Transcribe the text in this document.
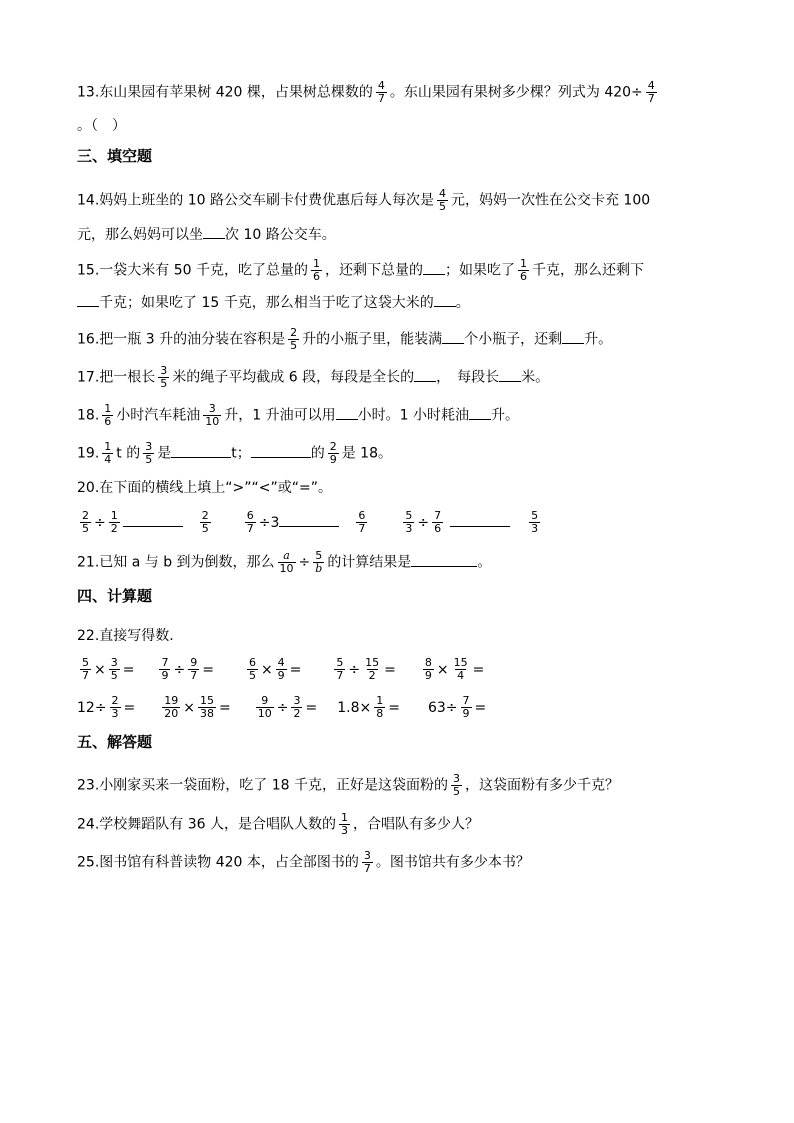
13.东山果园有苹果树 420 棵，占果树总棵数的 $\frac{4}{7}$ 。东山果园有果树多少棵？列式为 $420\div \frac{4}{7}$
。（　）
三、填空题
14.妈妈上班坐的 10 路公交车刷卡付费优惠后每人每次是 $\frac{4}{5}$ 元，妈妈一次性在公交卡充 100
元，那么妈妈可以坐 次 10 路公交车。
15.一袋大米有 50 千克，吃了总量的 $\frac{1}{6}$ ，还剩下总量的 ；如果吃了 $\frac{1}{6}$ 千克，那么还剩下
千克；如果吃了 15 千克，那么相当于吃了这袋大米的 。
16.把一瓶 3 升的油分装在容积是 $\frac{2}{5}$ 升的小瓶子里，能装满 个小瓶子，还剩 升。
17.把一根长 $\frac{3}{5}$ 米的绳子平均截成 6 段，每段是全长的 ，　每段长 米。
18. $\frac{1}{6}$ 小时汽车耗油 $\frac{3}{10}$ 升，1 升油可以用 小时。1 小时耗油 升。
19. $\frac{1}{4}$ t 的 $\frac{3}{5}$ 是	t；	的 $\frac{2}{9}$ 是 18。
20.在下面的横线上填上“>”“<”或“=”。
$\frac{2}{5} \div \frac{1}{2}$	$\frac{2}{5}$	$\frac{6}{7} \div 3$	$\frac{6}{7}$	$\frac{5}{3} \div \frac{7}{6}$	$\frac{5}{3}$
21.已知 a 与 b 到为倒数，那么 $\frac{a}{10} \div \frac{5}{b}$ 的计算结果是	。
四、计算题
22.直接写得数.
$\frac{5}{7} \times \frac{3}{5} = \frac{7}{9} \div \frac{9}{7}$ =	$\frac{6}{5} \times \frac{4}{9}$ =	$\frac{5}{7} \div \frac{15}{2} = \frac{8}{9} \times \frac{15}{4}$ =
$12\div \frac{2}{3} = \frac{19}{20} \times \frac{15}{38} = \frac{9}{10} \div \frac{3}{2} = 1.8\times \frac{1}{8} = 63\div \frac{7}{9}$ =
五、解答题
23.小刚家买来一袋面粉，吃了 18 千克，正好是这袋面粉的 $\frac{3}{5}$ ，这袋面粉有多少千克？
24.学校舞蹈队有 36 人，是合唱队人数的 $\frac{1}{3}$ ，合唱队有多少人？
25.图书馆有科普读物 420 本，占全部图书的 $\frac{3}{7}$ 。图书馆共有多少本书？
